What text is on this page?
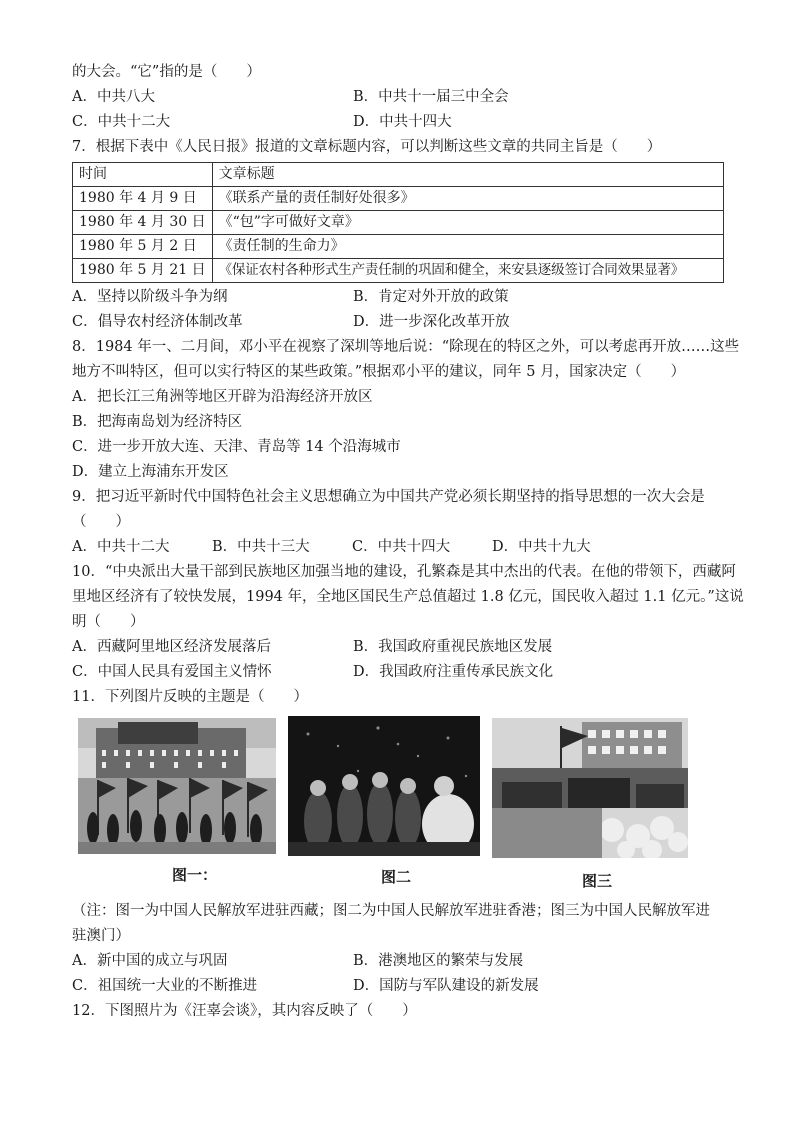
的大会。“它”指的是（　　）
A．中共八大	B．中共十一届三中全会
C．中共十二大	D．中共十四大
7．根据下表中《人民日报》报道的文章标题内容，可以判断这些文章的共同主旨是（　　）
时间	文章标题
1980 年 4 月 9 日	《联系产量的责任制好处很多》
1980 年 4 月 30 日	《“包”字可做好文章》
1980 年 5 月 2 日	《责任制的生命力》
1980 年 5 月 21 日	《保证农村各种形式生产责任制的巩固和健全，来安县逐级签订合同效果显著》
A．坚持以阶级斗争为纲	B．肯定对外开放的政策
C．倡导农村经济体制改革	D．进一步深化改革开放
8．1984 年一、二月间，邓小平在视察了深圳等地后说：“除现在的特区之外，可以考虑再开放……这些
地方不叫特区，但可以实行特区的某些政策。”根据邓小平的建议，同年 5 月，国家决定（　　）
A．把长江三角洲等地区开辟为沿海经济开放区
B．把海南岛划为经济特区
C．进一步开放大连、天津、青岛等 14 个沿海城市
D．建立上海浦东开发区
9．把习近平新时代中国特色社会主义思想确立为中国共产党必须长期坚持的指导思想的一次大会是
（　　）
A．中共十二大	B．中共十三大	C．中共十四大	D．中共十九大
10．“中央派出大量干部到民族地区加强当地的建设，孔繁森是其中杰出的代表。在他的带领下，西藏阿
里地区经济有了较快发展，1994 年，全地区国民生产总值超过 1.8 亿元，国民收入超过 1.1 亿元。”这说
明（　　）
A．西藏阿里地区经济发展落后	B．我国政府重视民族地区发展
C．中国人民具有爱国主义情怀	D．我国政府注重传承民族文化
11．下列图片反映的主题是（　　）
图一：	图二	图三
（注：图一为中国人民解放军进驻西藏；图二为中国人民解放军进驻香港；图三为中国人民解放军进驻澳门）
A．新中国的成立与巩固	B．港澳地区的繁荣与发展
C．祖国统一大业的不断推进	D．国防与军队建设的新发展
12．下图照片为《汪辜会谈》，其内容反映了（　　）
